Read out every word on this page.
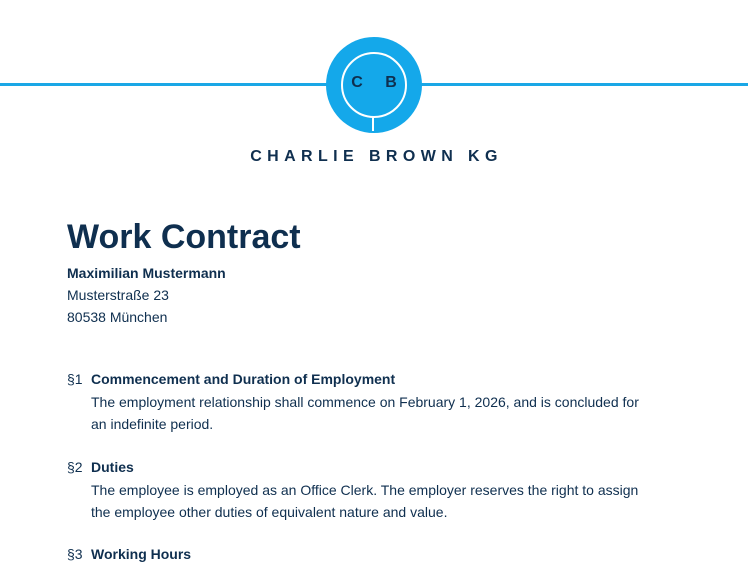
C B
CHARLIE BROWN KG
Work Contract
Maximilian Mustermann
Musterstraße 23
80538 München
§1 Commencement and Duration of Employment
The employment relationship shall commence on February 1, 2026, and is concluded for an indefinite period.
§2 Duties
The employee is employed as an Office Clerk. The employer reserves the right to assign the employee other duties of equivalent nature and value.
§3 Working Hours
